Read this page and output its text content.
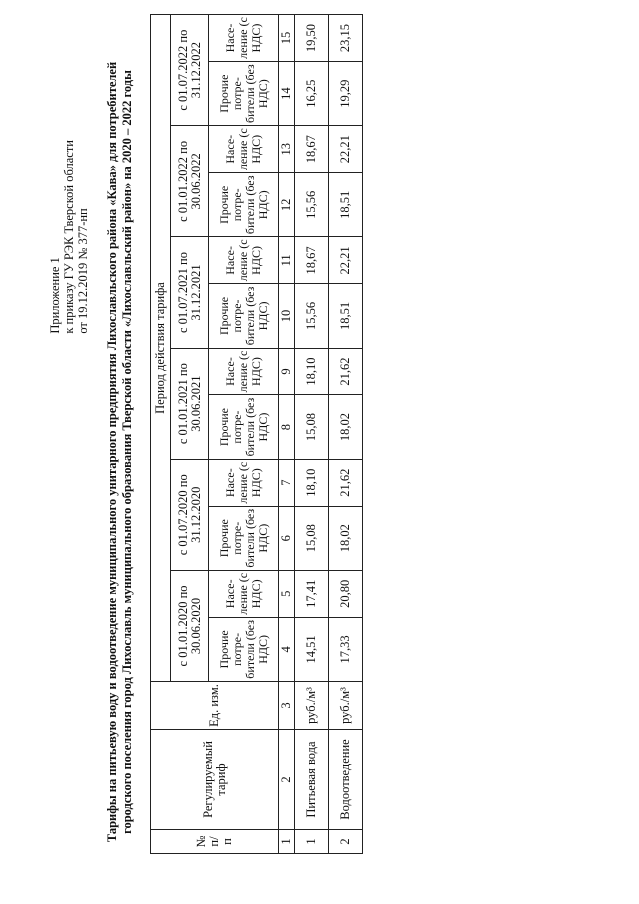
Приложение 1 к приказу ГУ РЭК Тверской области от 19.12.2019 № 377-нп Тарифы на питьевую воду и водоотведение муниципального унитарного предприятия Лихославльского района «Кава» для потребителей городского поселения город Лихославль муниципального образования Тверской области «Лихославльский район» на 2020 – 2022 годы
№ п/ п	Регулируемый тариф	Ед. изм.	Период действия тарифа											
			с 01.01.2020 по 30.06.2020		с 01.07.2020 по 31.12.2020		с 01.01.2021 по 30.06.2021		с 01.07.2021 по 31.12.2021		с 01.01.2022 по 30.06.2022		с 01.07.2022 по 31.12.2022	
			Прочие потре- бители (без НДС)	Насе- ление (с НДС)	Прочие потре- бители (без НДС)	Насе- ление (с НДС)	Прочие потре- бители (без НДС)	Насе- ление (с НДС)	Прочие потре- бители (без НДС)	Насе- ление (с НДС)	Прочие потре- бители (без НДС)	Насе- ление (с НДС)	Прочие потре- бители (без НДС)	Насе- ление (с НДС)
1	2	3	4	5	6	7	8	9	10	11	12	13	14	15
1	Питьевая вода	руб./м³	14,51	17,41	15,08	18,10	15,08	18,10	15,56	18,67	15,56	18,67	16,25	19,50
2	Водоотведение	руб./м³	17,33	20,80	18,02	21,62	18,02	21,62	18,51	22,21	18,51	22,21	19,29	23,15
